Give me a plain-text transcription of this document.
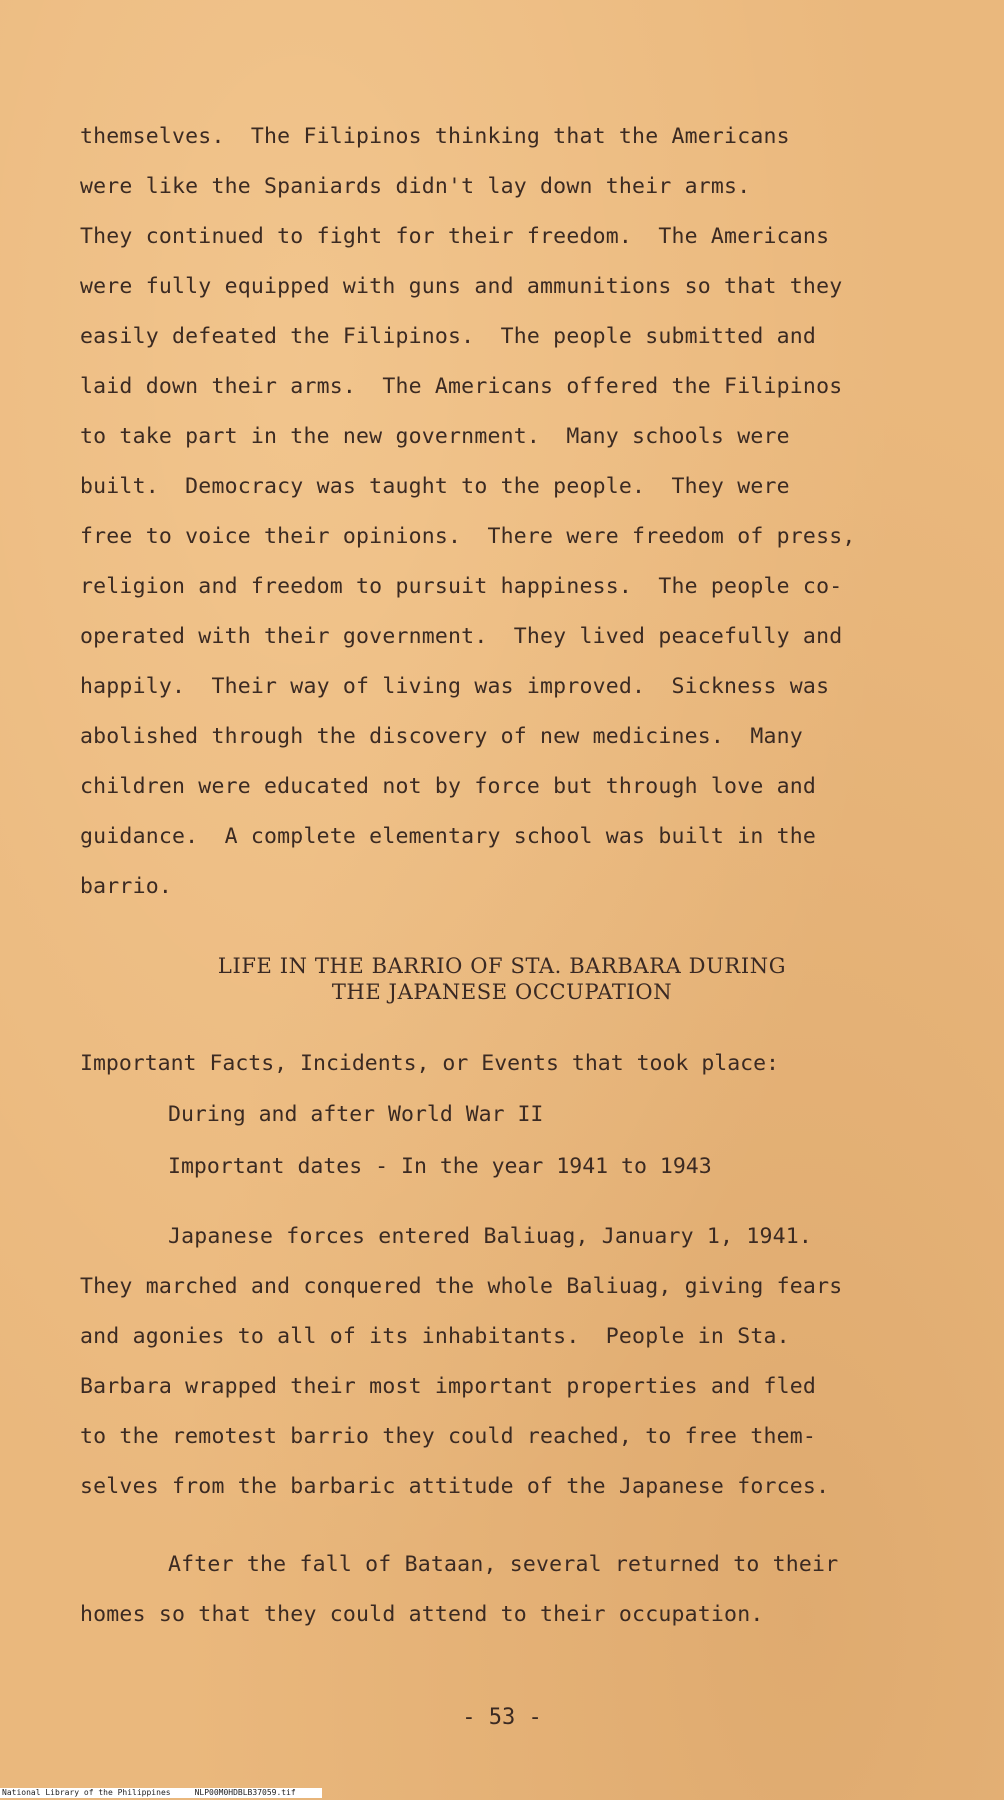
themselves.  The Filipinos thinking that the Americans
were like the Spaniards didn't lay down their arms.
They continued to fight for their freedom.  The Americans
were fully equipped with guns and ammunitions so that they
easily defeated the Filipinos.  The people submitted and
laid down their arms.  The Americans offered the Filipinos
to take part in the new government.  Many schools were
built.  Democracy was taught to the people.  They were
free to voice their opinions.  There were freedom of press,
religion and freedom to pursuit happiness.  The people co-
operated with their government.  They lived peacefully and
happily.  Their way of living was improved.  Sickness was
abolished through the discovery of new medicines.  Many
children were educated not by force but through love and
guidance.  A complete elementary school was built in the
barrio.
LIFE IN THE BARRIO OF STA. BARBARA DURING
THE JAPANESE OCCUPATION
Important Facts, Incidents, or Events that took place:
During and after World War II
Important dates - In the year 1941 to 1943
Japanese forces entered Baliuag, January 1, 1941.
They marched and conquered the whole Baliuag, giving fears
and agonies to all of its inhabitants.  People in Sta.
Barbara wrapped their most important properties and fled
to the remotest barrio they could reached, to free them-
selves from the barbaric attitude of the Japanese forces.
After the fall of Bataan, several returned to their
homes so that they could attend to their occupation.
- 53 -
National Library of the Philippines	NLP00M0HDBLB37059.tif
